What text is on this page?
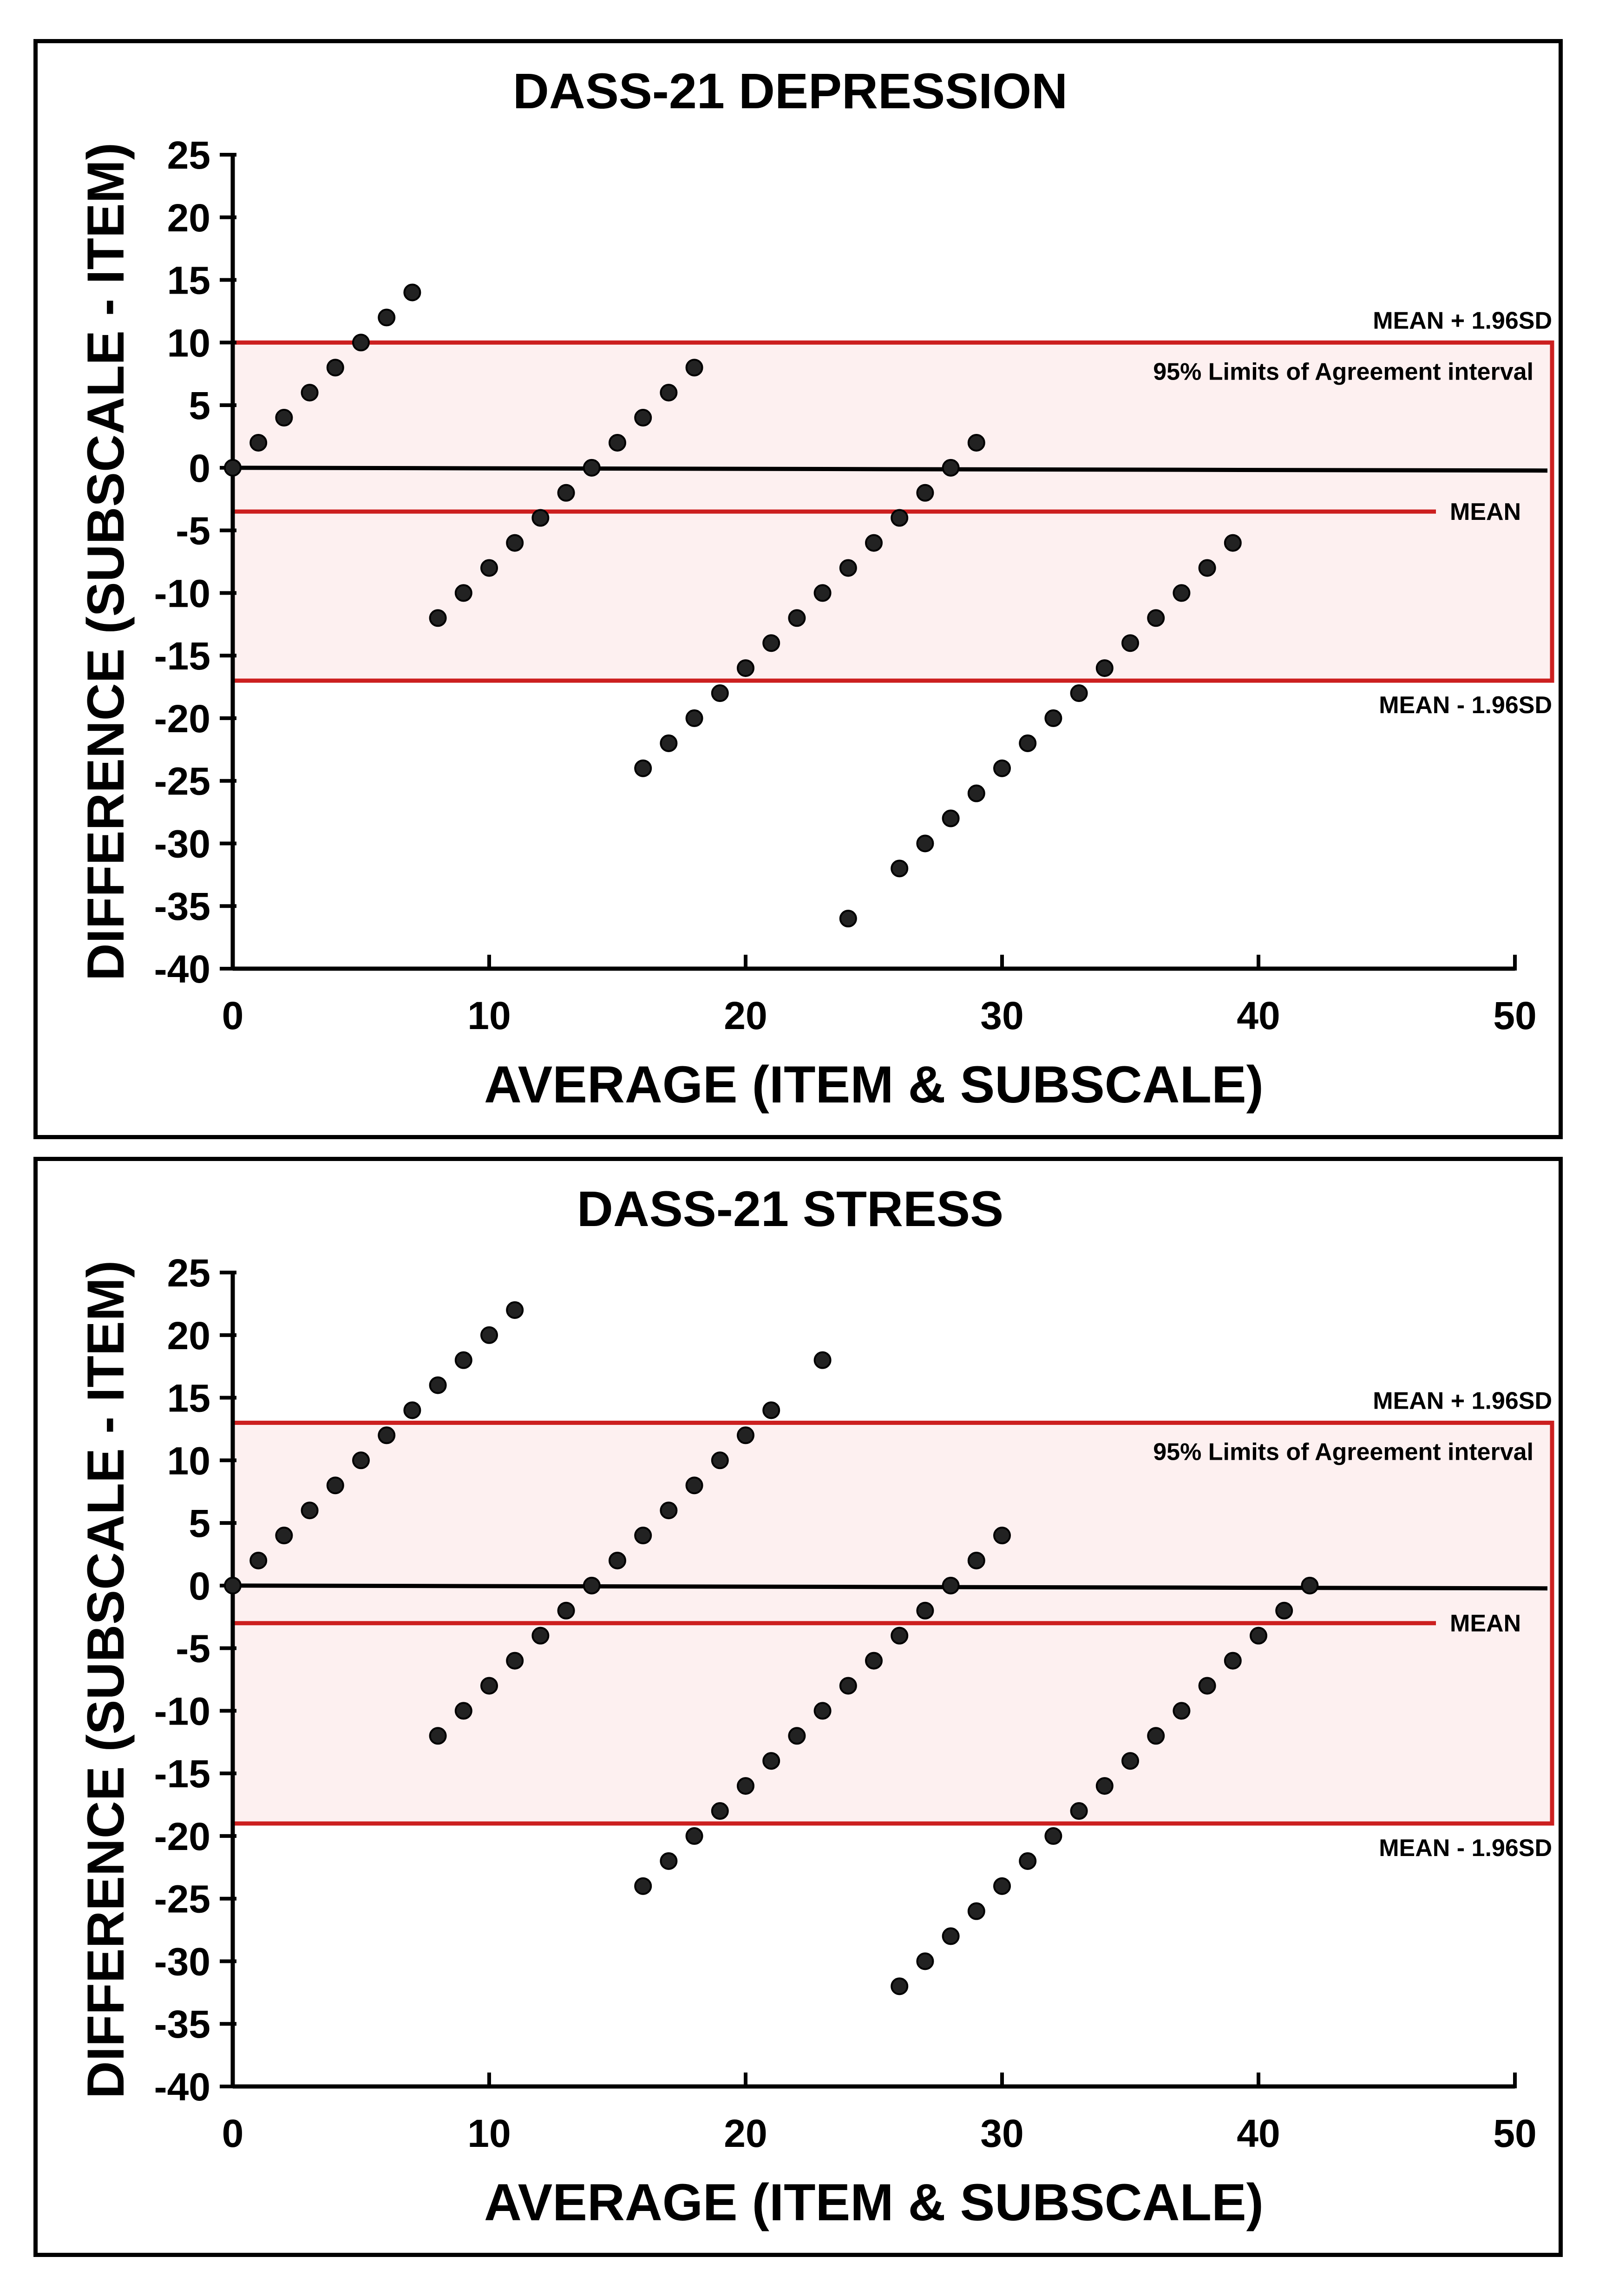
25
20
15
10
5
0
-5
-10
-15
-20
-25
-30
-35
-40
0	10	20	30	40	50
DASS-21 DEPRESSION
AVERAGE (ITEM & SUBSCALE)
DIFFERENCE (SUBSCALE - ITEM)	MEAN + 1.96SD
95% Limits of Agreement interval
MEAN
MEAN - 1.96SD
25
20
15
10
5
0
-5
-10
-15
-20
-25
-30
-35
-40
0	10	20	30	40	50
DASS-21 STRESS
AVERAGE (ITEM & SUBSCALE)
DIFFERENCE (SUBSCALE - ITEM)	MEAN + 1.96SD
95% Limits of Agreement interval
MEAN
MEAN - 1.96SD
